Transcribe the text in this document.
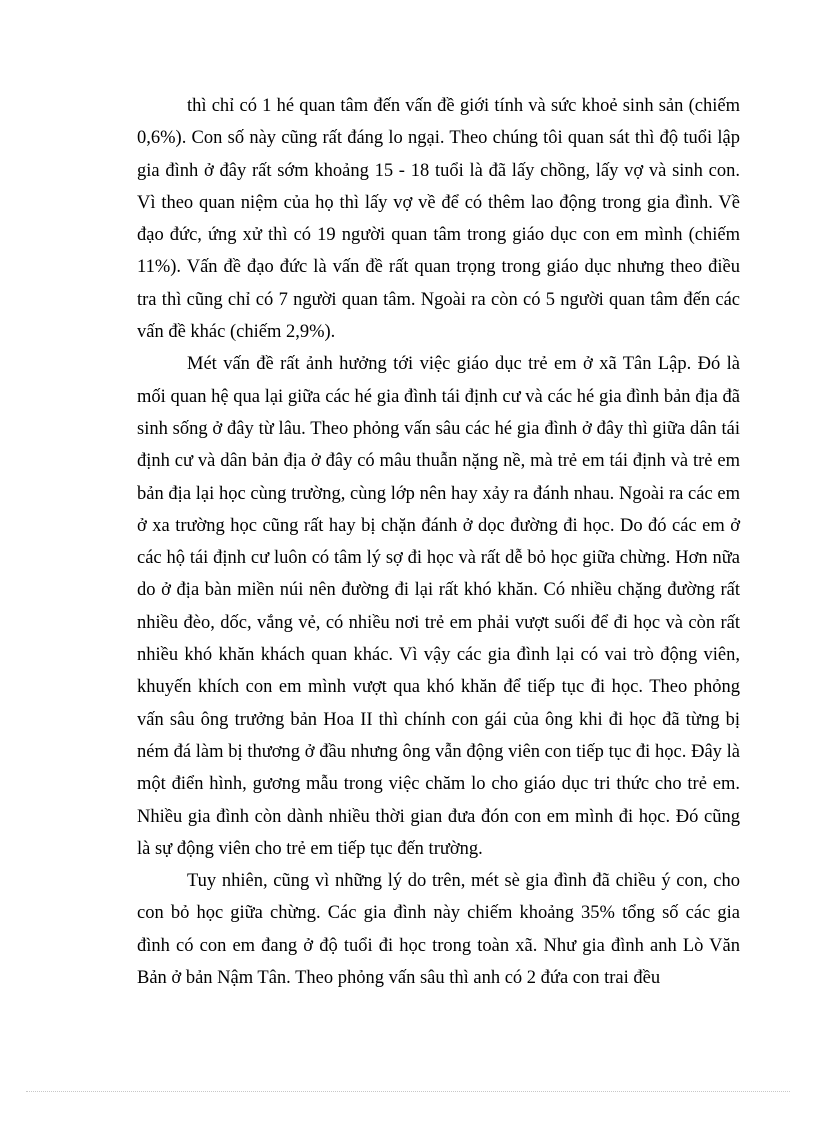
thì chỉ có 1 hé quan tâm đến vấn đề giới tính và sức khoẻ sinh sản (chiếm 0,6%). Con số này cũng rất đáng lo ngại. Theo chúng tôi quan sát thì độ tuổi lập gia đình ở đây rất sớm khoảng 15 - 18 tuổi là đã lấy chồng, lấy vợ và sinh con. Vì theo quan niệm của họ thì lấy vợ về để có thêm lao động trong gia đình. Về đạo đức, ứng xử thì có 19 người quan tâm trong giáo dục con em mình (chiếm 11%). Vấn đề đạo đức là vấn đề rất quan trọng trong giáo dục nhưng theo điều tra thì cũng chỉ có 7 người quan tâm. Ngoài ra còn có 5 người quan tâm đến các vấn đề khác (chiếm 2,9%).

Mét vấn đề rất ảnh hưởng tới việc giáo dục trẻ em ở xã Tân Lập. Đó là mối quan hệ qua lại giữa các hé gia đình tái định cư và các hé gia đình bản địa đã sinh sống ở đây từ lâu. Theo phỏng vấn sâu các hé gia đình ở đây thì giữa dân tái định cư và dân bản địa ở đây có mâu thuẫn nặng nề, mà trẻ em tái định và trẻ em bản địa lại học cùng trường, cùng lớp nên hay xảy ra đánh nhau. Ngoài ra các em ở xa trường học cũng rất hay bị chặn đánh ở dọc đường đi học. Do đó các em ở các hộ tái định cư luôn có tâm lý sợ đi học và rất dễ bỏ học giữa chừng. Hơn nữa do ở địa bàn miền núi nên đường đi lại rất khó khăn. Có nhiều chặng đường rất nhiều đèo, dốc, vắng vẻ, có nhiều nơi trẻ em phải vượt suối để đi học và còn rất nhiều khó khăn khách quan khác. Vì vậy các gia đình lại có vai trò động viên, khuyến khích con em mình vượt qua khó khăn để tiếp tục đi học. Theo phỏng vấn sâu ông trưởng bản Hoa II thì chính con gái của ông khi đi học đã từng bị ném đá làm bị thương ở đầu nhưng ông vẫn động viên con tiếp tục đi học. Đây là một điển hình, gương mẫu trong việc chăm lo cho giáo dục tri thức cho trẻ em. Nhiều gia đình còn dành nhiều thời gian đưa đón con em mình đi học. Đó cũng là sự động viên cho trẻ em tiếp tục đến trường.

Tuy nhiên, cũng vì những lý do trên, mét sè gia đình đã chiều ý con, cho con bỏ học giữa chừng. Các gia đình này chiếm khoảng 35% tổng số các gia đình có con em đang ở độ tuổi đi học trong toàn xã. Như gia đình anh Lò Văn Bản ở bản Nậm Tân. Theo phỏng vấn sâu thì anh có 2 đứa con trai đều
